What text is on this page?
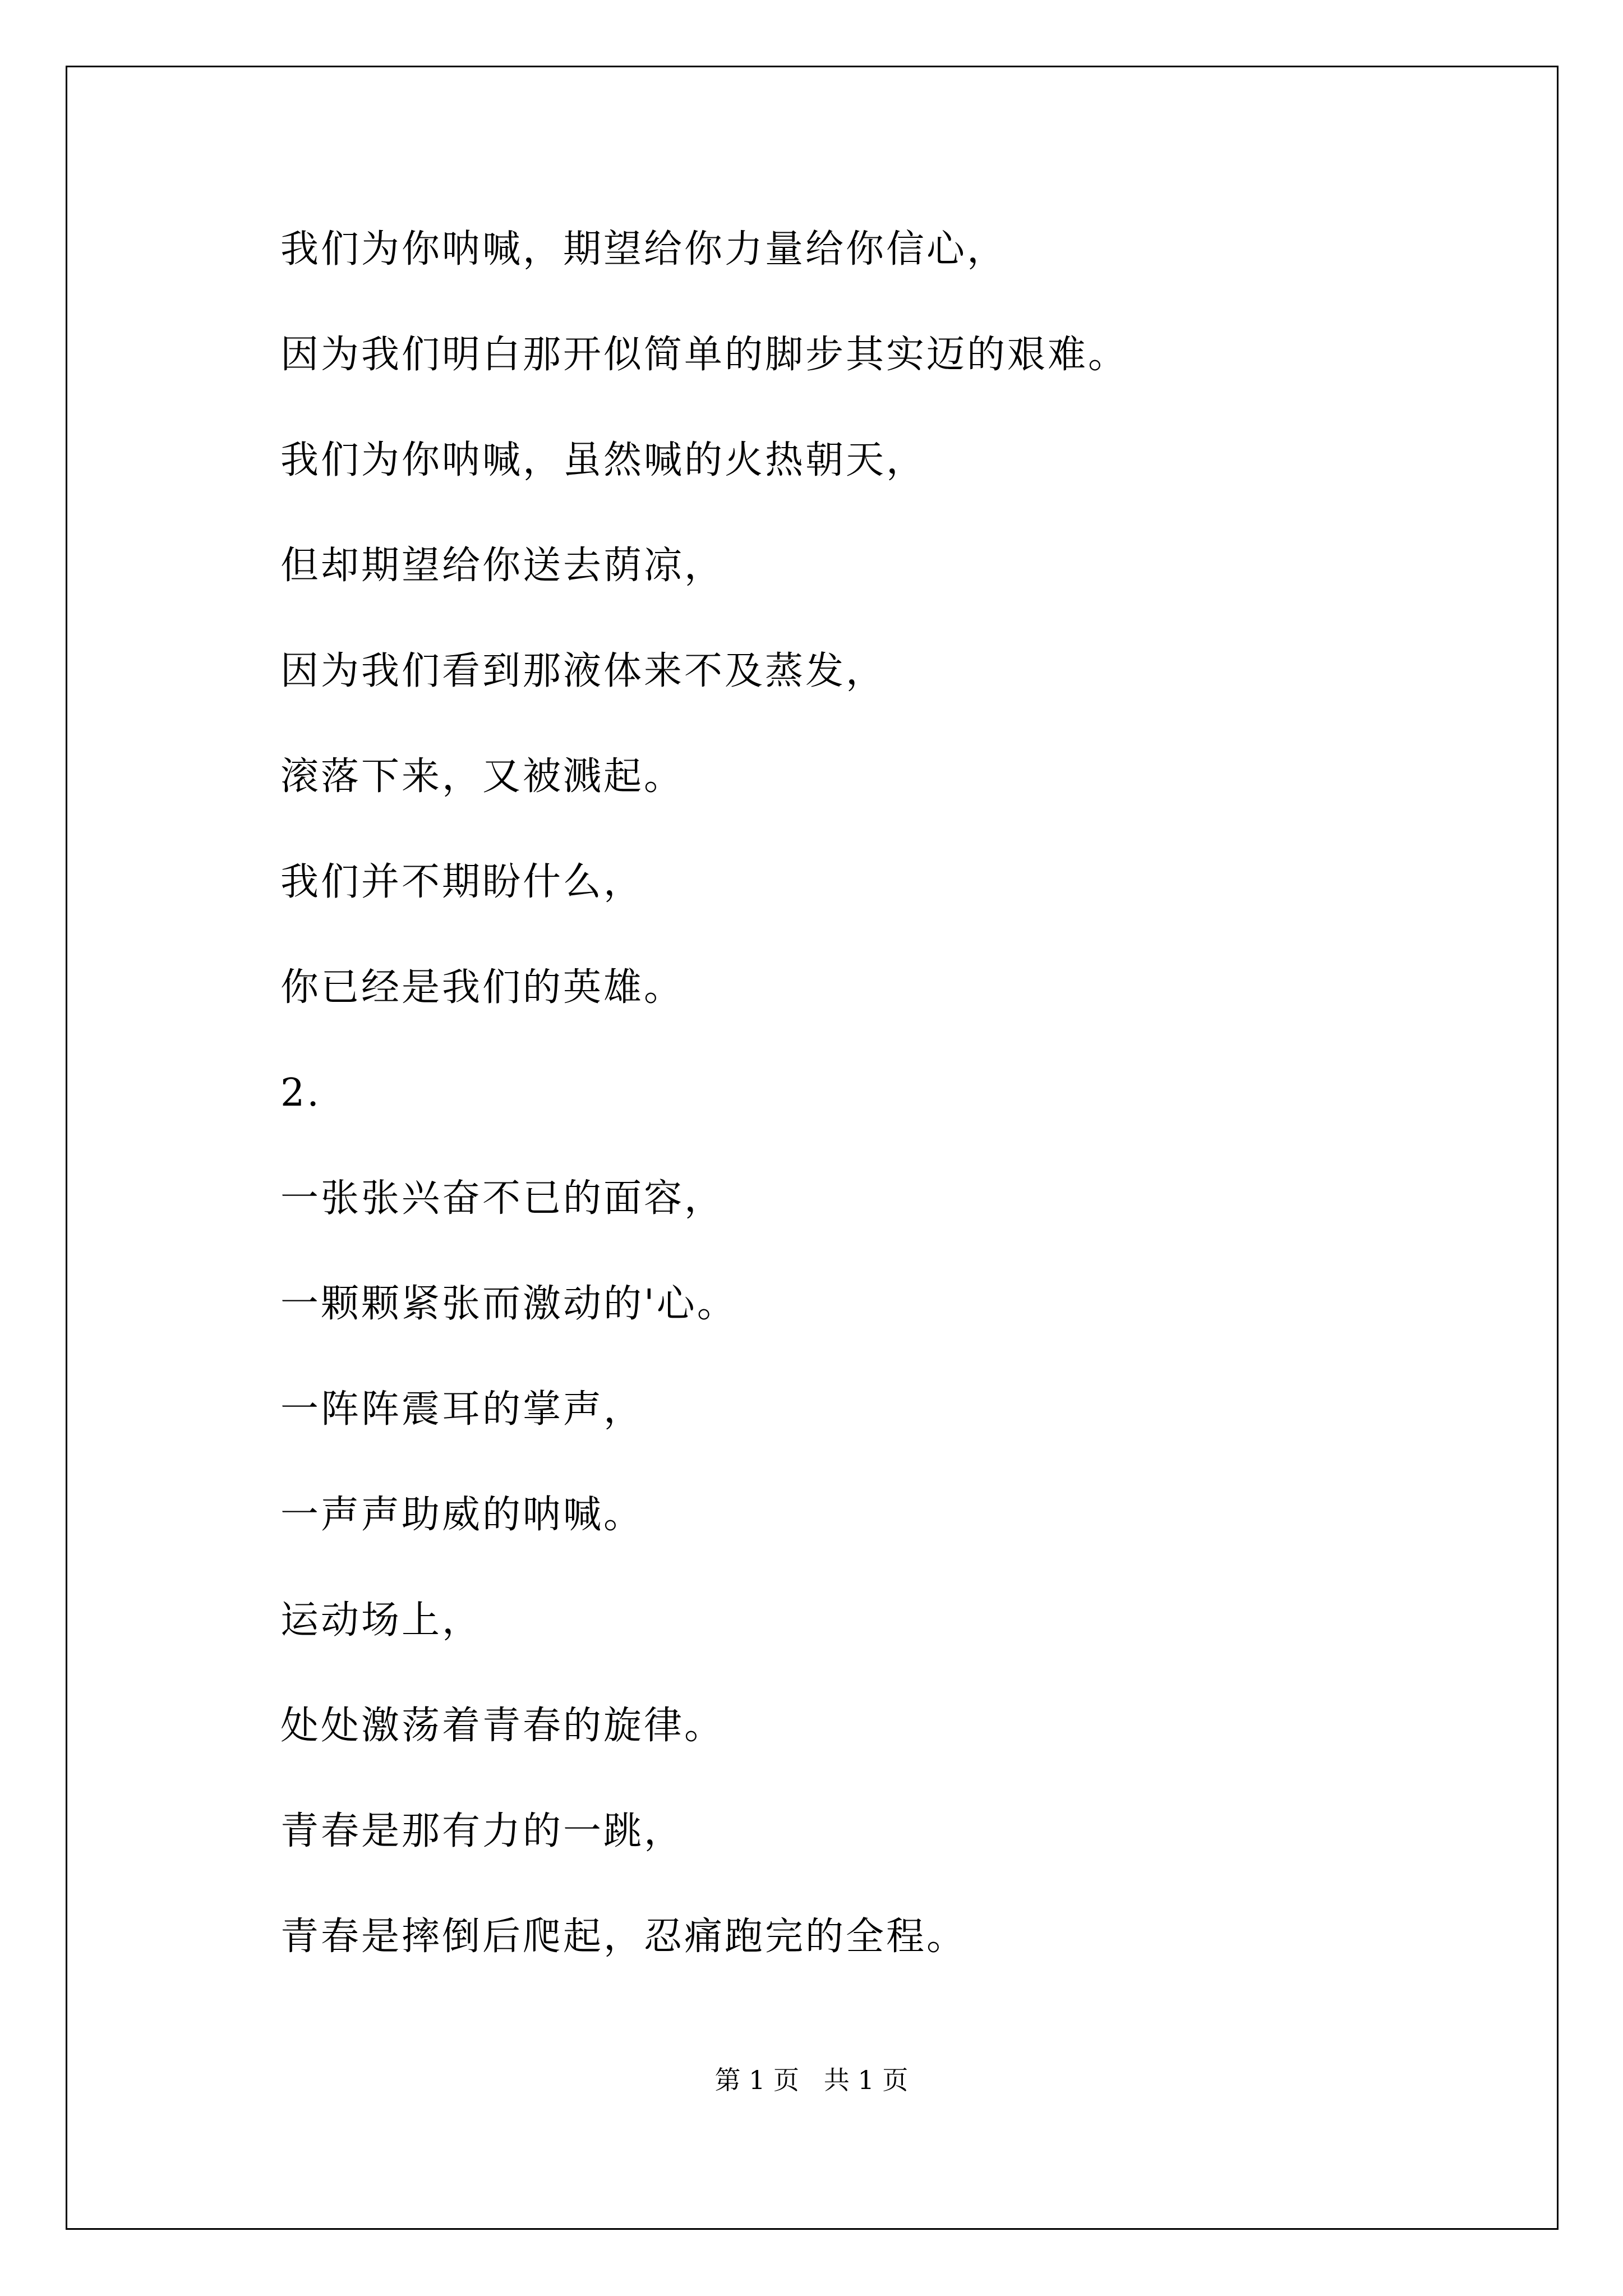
我们为你呐喊，期望给你力量给你信心，
因为我们明白那开似简单的脚步其实迈的艰难。
我们为你呐喊，虽然喊的火热朝天，
但却期望给你送去荫凉，
因为我们看到那液体来不及蒸发，
滚落下来，又被溅起。
我们并不期盼什么，
你已经是我们的英雄。
2.
一张张兴奋不已的面容，
一颗颗紧张而激动的'心。
一阵阵震耳的掌声，
一声声助威的呐喊。
运动场上，
处处激荡着青春的旋律。
青春是那有力的一跳，
青春是摔倒后爬起，忍痛跑完的全程。
第 1 页   共 1 页
